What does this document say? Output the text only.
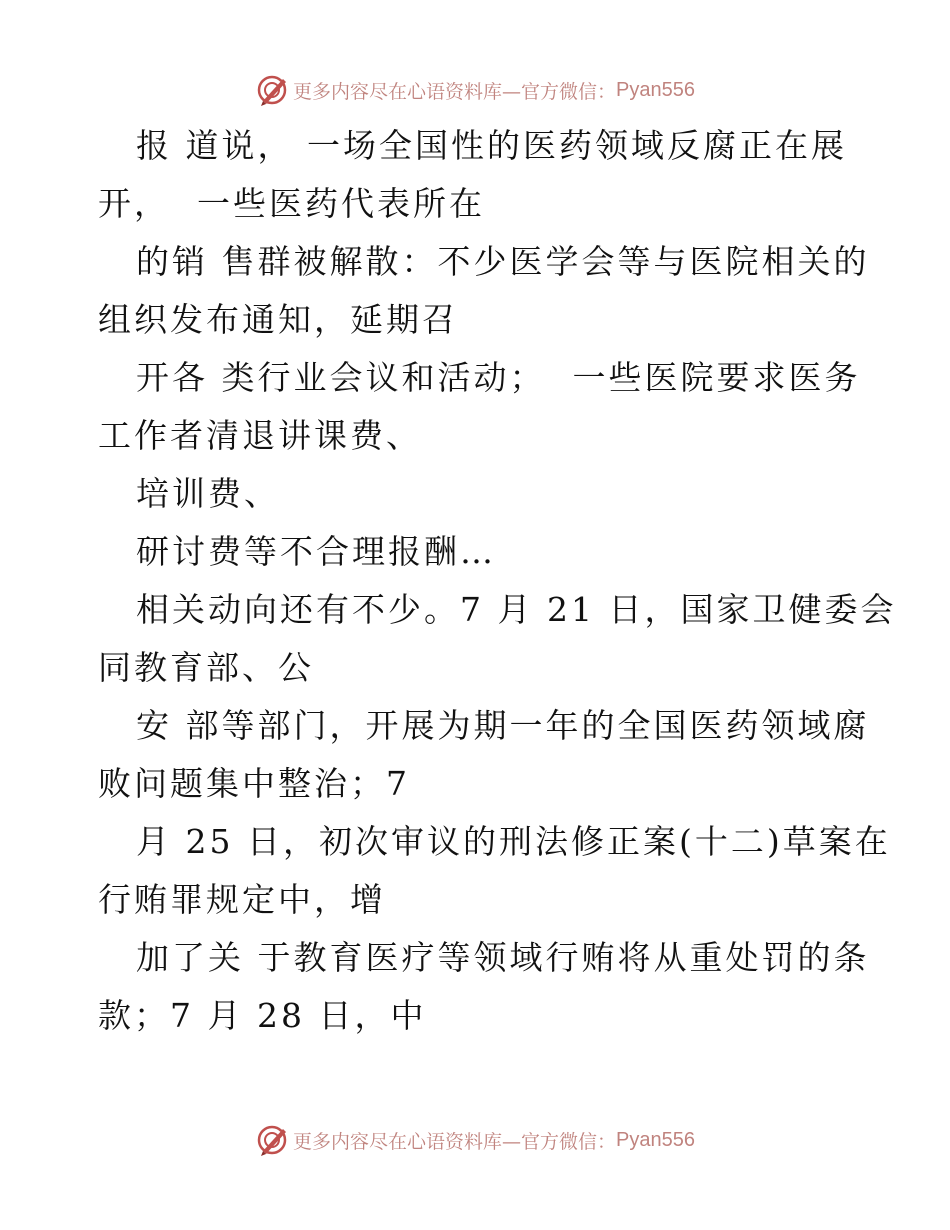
更多内容尽在心语资料库—官方微信： Pyan556
报 道说， 一场全国性的医药领域反腐正在展
开，  一些医药代表所在
的销 售群被解散：不少医学会等与医院相关的
组织发布通知，延期召
开各 类行业会议和活动；  一些医院要求医务
工作者清退讲课费、
培训费、
研讨费等不合理报酬…
相关动向还有不少。7 月 21 日，国家卫健委会
同教育部、公
安 部等部门，开展为期一年的全国医药领域腐
败问题集中整治；7
月 25 日，初次审议的刑法修正案(十二)草案在
行贿罪规定中，增
加了关 于教育医疗等领域行贿将从重处罚的条
款；7 月 28 日，中
更多内容尽在心语资料库—官方微信： Pyan556
